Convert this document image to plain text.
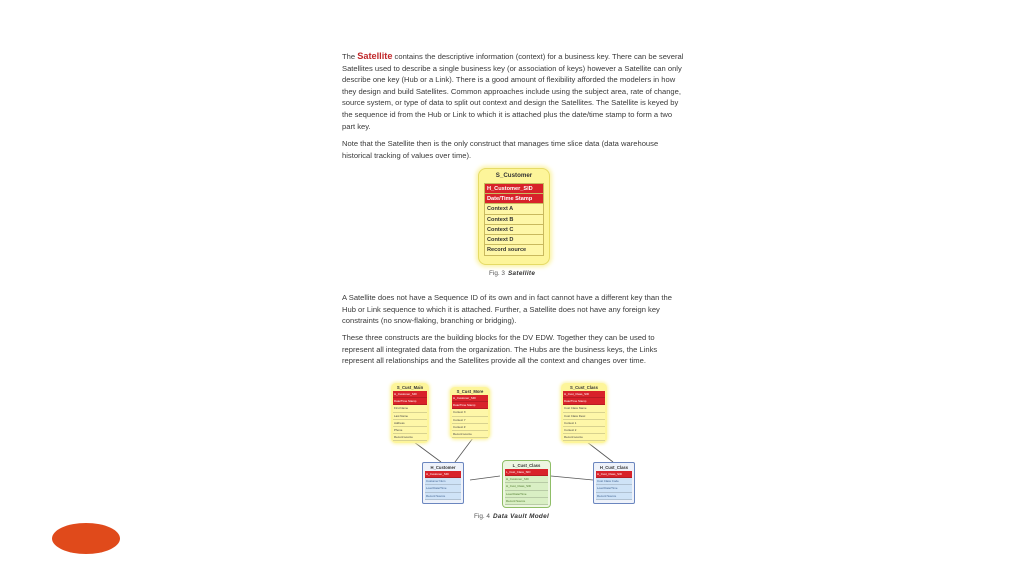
The Satellite contains the descriptive information (context) for a business key. There can be several Satellites used to describe a single business key (or association of keys) however a Satellite can only describe one key (Hub or a Link). There is a good amount of flexibility afforded the modelers in how they design and build Satellites. Common approaches include using the subject area, rate of change, source system, or type of data to split out context and design the Satellites. The Satellite is keyed by the sequence id from the Hub or Link to which it is attached plus the date/time stamp to form a two part key.

Note that the Satellite then is the only construct that manages time slice data (data warehouse historical tracking of values over time).

S_Customer
H_Customer_SID
Date/Time Stamp
Context A
Context B
Context C
Context D
Record source
Fig. 3 Satellite

A Satellite does not have a Sequence ID of its own and in fact cannot have a different key than the Hub or Link sequence to which it is attached. Further, a Satellite does not have any foreign key constraints (no snow-flaking, branching or bridging).

These three constructs are the building blocks for the DV EDW. Together they can be used to represent all integrated data from the organization. The Hubs are the business keys, the Links represent all relationships and the Satellites provide all the context and changes over time.

S_Cust_Main
H_Customer_SID
Date/Time Stamp
First Name
Last Name
Address
Phone
Record source
S_Cust_More
H_Customer_SID
Date/Time Stamp
Context X
Context Y
Context Z
Record source
S_Cust_Class
H_Cust_Class_SID
Date/Time Stamp
Cust Class Name
Cust Class Desc
Context 1
Context 2
Record source
H_Customer
H_Customer_SID
Customer Num
Load Date/Time
Record Source
L_Cust_Class
L_Cust_Class_SID
H_Customer_SID
H_Cust_Class_SID
Load Date/Time
Record Source
H_Cust_Class
H_Cust_Class_SID
Cust Class Code
Load Date/Time
Record Source
Fig. 4 Data Vault Model
